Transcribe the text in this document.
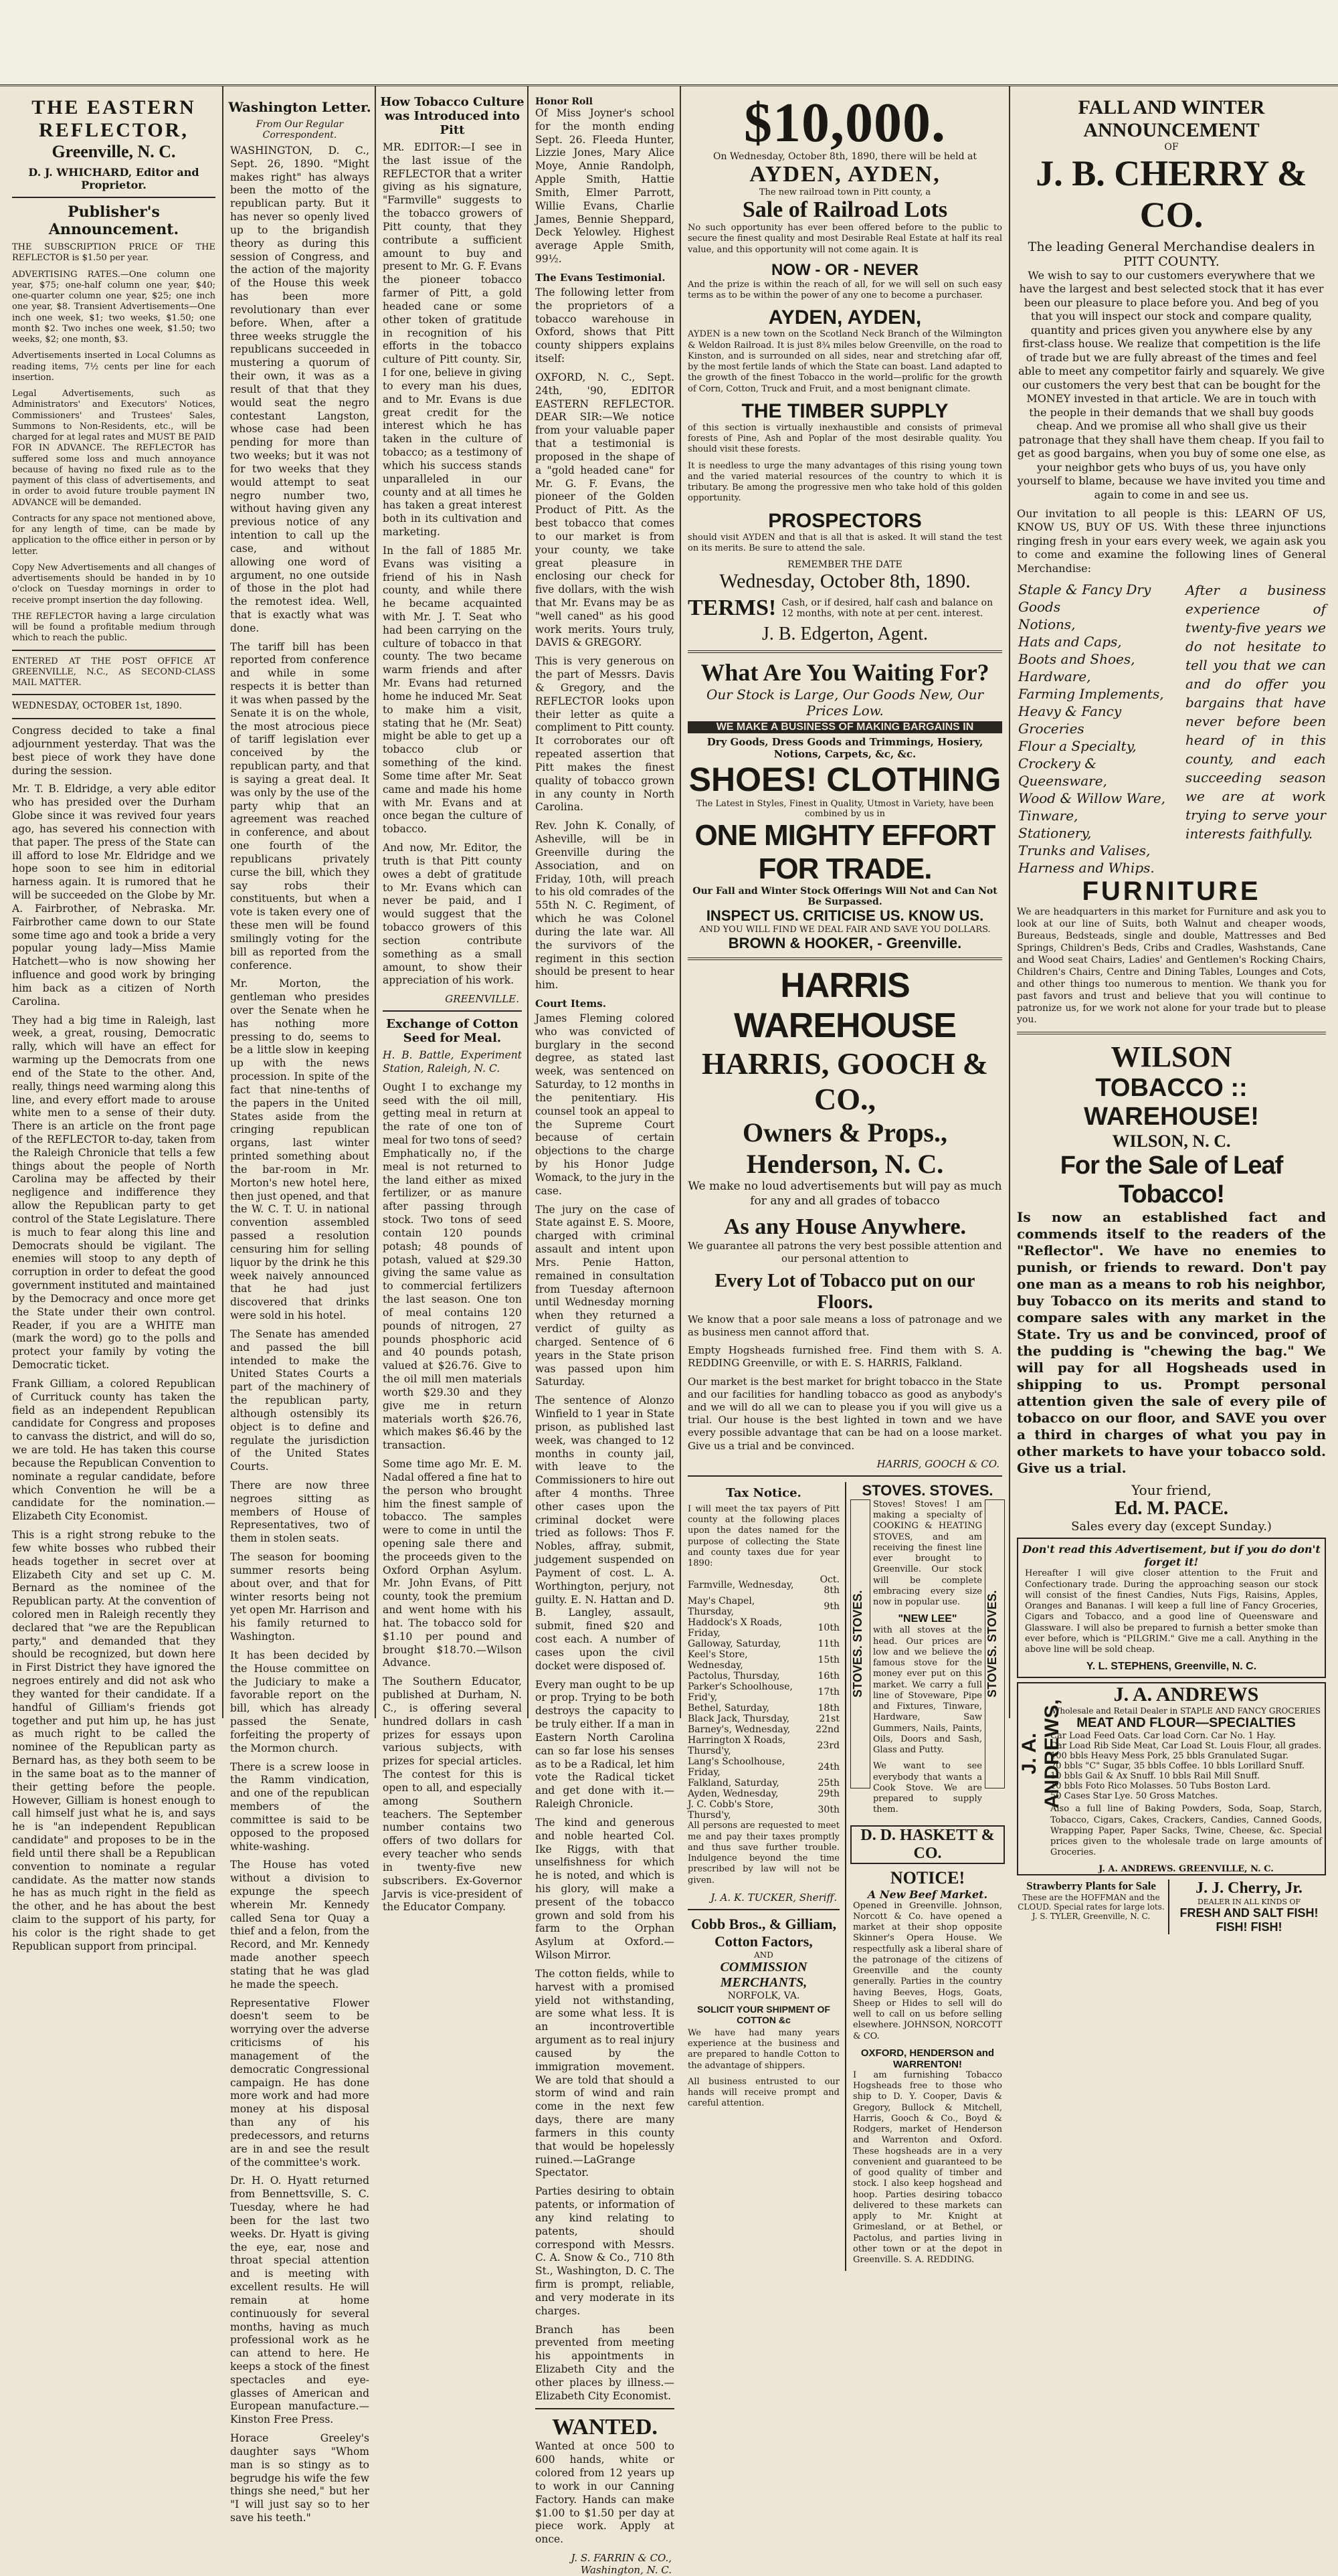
THE EASTERN REFLECTOR,
Greenville, N. C.
D. J. WHICHARD, Editor and Proprietor.
Publisher's Announcement.

THE SUBSCRIPTION PRICE OF THE REFLECTOR is $1.50 per year.

ADVERTISING RATES.—One column one year, $75; one-half column one year, $40; one-quarter column one year, $25; one inch one year, $8. Transient Advertisements—One inch one week, $1; two weeks, $1.50; one month $2. Two inches one week, $1.50; two weeks, $2; one month, $3.

Advertisements inserted in Local Columns as reading items, 7½ cents per line for each insertion.

Legal Advertisements, such as Administrators' and Executors' Notices, Commissioners' and Trustees' Sales, Summons to Non-Residents, etc., will be charged for at legal rates and MUST BE PAID FOR IN ADVANCE. The REFLECTOR has suffered some loss and much annoyance because of having no fixed rule as to the payment of this class of advertisements, and in order to avoid future trouble payment IN ADVANCE will be demanded.

Contracts for any space not mentioned above, for any length of time, can be made by application to the office either in person or by letter.

Copy New Advertisements and all changes of advertisements should be handed in by 10 o'clock on Tuesday mornings in order to receive prompt insertion the day following.

THE REFLECTOR having a large circulation will be found a profitable medium through which to reach the public.

ENTERED AT THE POST OFFICE AT GREENVILLE, N.C., AS SECOND-CLASS MAIL MATTER.

WEDNESDAY, OCTOBER 1st, 1890.

Congress decided to take a final adjournment yesterday. That was the best piece of work they have done during the session.

Mr. T. B. Eldridge, a very able editor who has presided over the Durham Globe since it was revived four years ago, has severed his connection with that paper. The press of the State can ill afford to lose Mr. Eldridge and we hope soon to see him in editorial harness again. It is rumored that he will be succeeded on the Globe by Mr. A. Fairbrother, of Nebraska. Mr. Fairbrother came down to our State some time ago and took a bride a very popular young lady—Miss Mamie Hatchett—who is now showing her influence and good work by bringing him back as a citizen of North Carolina.

They had a big time in Raleigh, last week, a great, rousing, Democratic rally, which will have an effect for warming up the Democrats from one end of the State to the other. And, really, things need warming along this line, and every effort made to arouse white men to a sense of their duty. There is an article on the front page of the REFLECTOR to-day, taken from the Raleigh Chronicle that tells a few things about the people of North Carolina may be affected by their negligence and indifference they allow the Republican party to get control of the State Legislature. There is much to fear along this line and Democrats should be vigilant. The enemies will stoop to any depth of corruption in order to defeat the good government instituted and maintained by the Democracy and once more get the State under their own control. Reader, if you are a WHITE man (mark the word) go to the polls and protect your family by voting the Democratic ticket.

Frank Gilliam, a colored Republican of Currituck county has taken the field as an independent Republican candidate for Congress and proposes to canvass the district, and will do so, we are told. He has taken this course because the Republican Convention to nominate a regular candidate, before which Convention he will be a candidate for the nomination.—Elizabeth City Economist.

This is a right strong rebuke to the few white bosses who rubbed their heads together in secret over at Elizabeth City and set up C. M. Bernard as the nominee of the Republican party. At the convention of colored men in Raleigh recently they declared that "we are the Republican party," and demanded that they should be recognized, but down here in First District they have ignored the negroes entirely and did not ask who they wanted for their candidate. If a handful of Gilliam's friends got together and put him up, he has just as much right to be called the nominee of the Republican party as Bernard has, as they both seem to be in the same boat as to the manner of their getting before the people. However, Gilliam is honest enough to call himself just what he is, and says he is "an independent Republican candidate" and proposes to be in the field until there shall be a Republican convention to nominate a regular candidate. As the matter now stands he has as much right in the field as the other, and he has about the best claim to the support of his party, for his color is the right shade to get Republican support from principal.

Washington Letter.
From Our Regular Correspondent.

WASHINGTON, D. C., Sept. 26, 1890. "Might makes right" has always been the motto of the republican party. But it has never so openly lived up to the brigandish theory as during this session of Congress, and the action of the majority of the House this week has been more revolutionary than ever before. When, after a three weeks struggle the republicans succeeded in mustering a quorum of their own, it was as a result of that that they would seat the negro contestant Langston, whose case had been pending for more than two weeks; but it was not for two weeks that they would attempt to seat negro number two, without having given any previous notice of any intention to call up the case, and without allowing one word of argument, no one outside of those in the plot had the remotest idea. Well, that is exactly what was done.

The tariff bill has been reported from conference and while in some respects it is better than it was when passed by the Senate it is on the whole, the most atrocious piece of tariff legislation ever conceived by the republican party, and that is saying a great deal. It was only by the use of the party whip that an agreement was reached in conference, and about one fourth of the republicans privately curse the bill, which they say robs their constituents, but when a vote is taken every one of these men will be found smilingly voting for the bill as reported from the conference.

Mr. Morton, the gentleman who presides over the Senate when he has nothing more pressing to do, seems to be a little slow in keeping up with the news procession. In spite of the fact that nine-tenths of the papers in the United States aside from the cringing republican organs, last winter printed something about the bar-room in Mr. Morton's new hotel here, then just opened, and that the W. C. T. U. in national convention assembled passed a resolution censuring him for selling liquor by the drink he this week naively announced that he had just discovered that drinks were sold in his hotel.

The Senate has amended and passed the bill intended to make the United States Courts a part of the machinery of the republican party, although ostensibly its object is to define and regulate the jurisdiction of the United States Courts.

There are now three negroes sitting as members of House of Representatives, two of them in stolen seats.

The season for booming summer resorts being about over, and that for winter resorts being not yet open Mr. Harrison and his family returned to Washington.

It has been decided by the House committee on the Judiciary to make a favorable report on the bill, which has already passed the Senate, forfeiting the property of the Mormon church.

There is a screw loose in the Ramm vindication, and one of the republican members of the committee is said to be opposed to the proposed white-washing.

The House has voted without a division to expunge the speech wherein Mr. Kennedy called Sena tor Quay a thief and a felon, from the Record, and Mr. Kennedy made another speech stating that he was glad he made the speech.

Representative Flower doesn't seem to be worrying over the adverse criticisms of his management of the democratic Congressional campaign. He has done more work and had more money at his disposal than any of his predecessors, and returns are in and see the result of the committee's work.

Dr. H. O. Hyatt returned from Bennettsville, S. C. Tuesday, where he had been for the last two weeks. Dr. Hyatt is giving the eye, ear, nose and throat special attention and is meeting with excellent results. He will remain at home continuously for several months, having as much professional work as he can attend to here. He keeps a stock of the finest spectacles and eye-glasses of American and European manufacture.—Kinston Free Press.

Horace Greeley's daughter says "Whom man is so stingy as to begrudge his wife the few things she need," but her "I will just say so to her save his teeth."

How Tobacco Culture was Introduced into Pitt

MR. EDITOR:—I see in the last issue of the REFLECTOR that a writer giving as his signature, "Farmville" suggests to the tobacco growers of Pitt county, that they contribute a sufficient amount to buy and present to Mr. G. F. Evans the pioneer tobacco farmer of Pitt, a gold headed cane or some other token of gratitude in recognition of his efforts in the tobacco culture of Pitt county. Sir, I for one, believe in giving to every man his dues, and to Mr. Evans is due great credit for the interest which he has taken in the culture of tobacco; as a testimony of which his success stands unparalleled in our county and at all times he has taken a great interest both in its cultivation and marketing.

In the fall of 1885 Mr. Evans was visiting a friend of his in Nash county, and while there he became acquainted with Mr. J. T. Seat who had been carrying on the culture of tobacco in that county. The two became warm friends and after Mr. Evans had returned home he induced Mr. Seat to make him a visit, stating that he (Mr. Seat) might be able to get up a tobacco club or something of the kind. Some time after Mr. Seat came and made his home with Mr. Evans and at once began the culture of tobacco.

And now, Mr. Editor, the truth is that Pitt county owes a debt of gratitude to Mr. Evans which can never be paid, and I would suggest that the tobacco growers of this section contribute something as a small amount, to show their appreciation of his work.

GREENVILLE.
Exchange of Cotton Seed for Meal.

H. B. Battle, Experiment Station, Raleigh, N. C.

Ought I to exchange my seed with the oil mill, getting meal in return at the rate of one ton of meal for two tons of seed? Emphatically no, if the meal is not returned to the land either as mixed fertilizer, or as manure after passing through stock. Two tons of seed contain 120 pounds potash; 48 pounds of potash, valued at $29.30 giving the same value as to commercial fertilizers the last season. One ton of meal contains 120 pounds of nitrogen, 27 pounds phosphoric acid and 40 pounds potash, valued at $26.76. Give to the oil mill men materials worth $29.30 and they give me in return materials worth $26.76, which makes $6.46 by the transaction.

Some time ago Mr. E. M. Nadal offered a fine hat to the person who brought him the finest sample of tobacco. The samples were to come in until the opening sale there and the proceeds given to the Oxford Orphan Asylum. Mr. John Evans, of Pitt county, took the premium and went home with his hat. The tobacco sold for $1.10 per pound and brought $18.70.—Wilson Advance.

The Southern Educator, published at Durham, N. C., is offering several hundred dollars in cash prizes for essays upon various subjects, with prizes for special articles. The contest for this is open to all, and especially among Southern teachers. The September number contains two offers of two dollars for every teacher who sends in twenty-five new subscribers. Ex-Governor Jarvis is vice-president of the Educator Company.

Honor Roll

Of Miss Joyner's school for the month ending Sept. 26. Fleeda Hunter, Lizzie Jones, Mary Alice Moye, Annie Randolph, Apple Smith, Hattie Smith, Elmer Parrott, Willie Evans, Charlie James, Bennie Sheppard, Deck Yelowley. Highest average Apple Smith, 99½.

The Evans Testimonial.

The following letter from the proprietors of a tobacco warehouse in Oxford, shows that Pitt county shippers explains itself:

OXFORD, N. C., Sept. 24th, '90, EDITOR EASTERN REFLECTOR. DEAR SIR:—We notice from your valuable paper that a testimonial is proposed in the shape of a "gold headed cane" for Mr. G. F. Evans, the pioneer of the Golden Product of Pitt. As the best tobacco that comes to our market is from your county, we take great pleasure in enclosing our check for five dollars, with the wish that Mr. Evans may be as "well caned" as his good work merits. Yours truly, DAVIS & GREGORY.

This is very generous on the part of Messrs. Davis & Gregory, and the REFLECTOR looks upon their letter as quite a compliment to Pitt county. It corroborates our oft repeated assertion that Pitt makes the finest quality of tobacco grown in any county in North Carolina.

Rev. John K. Conally, of Asheville, will be in Greenville during the Association, and on Friday, 10th, will preach to his old comrades of the 55th N. C. Regiment, of which he was Colonel during the late war. All the survivors of the regiment in this section should be present to hear him.

Court Items.

James Fleming colored who was convicted of burglary in the second degree, as stated last week, was sentenced on Saturday, to 12 months in the penitentiary. His counsel took an appeal to the Supreme Court because of certain objections to the charge by his Honor Judge Womack, to the jury in the case.

The jury on the case of State against E. S. Moore, charged with criminal assault and intent upon Mrs. Penie Hatton, remained in consultation from Tuesday afternoon until Wednesday morning when they returned a verdict of guilty as charged. Sentence of 6 years in the State prison was passed upon him Saturday.

The sentence of Alonzo Winfield to 1 year in State prison, as published last week, was changed to 12 months in county jail, with leave to the Commissioners to hire out after 4 months. Three other cases upon the criminal docket were tried as follows: Thos F. Nobles, affray, submit, judgement suspended on Payment of cost. L. A. Worthington, perjury, not guilty. E. N. Hattan and D. B. Langley, assault, submit, fined $20 and cost each. A number of cases upon the civil docket were disposed of.

Every man ought to be up or prop. Trying to be both destroys the capacity to be truly either. If a man in Eastern North Carolina can so far lose his senses as to be a Radical, let him vote the Radical ticket and get done with it.—Raleigh Chronicle.

The kind and generous and noble hearted Col. Ike Riggs, with that unselfishness for which he is noted, and which is his glory, will make a present of the tobacco grown and sold from his farm to the Orphan Asylum at Oxford.—Wilson Mirror.

The cotton fields, while to harvest with a promised yield not withstanding, are some what less. It is an incontrovertible argument as to real injury caused by the immigration movement. We are told that should a storm of wind and rain come in the next few days, there are many farmers in this county that would be hopelessly ruined.—LaGrange Spectator.

Parties desiring to obtain patents, or information of any kind relating to patents, should correspond with Messrs. C. A. Snow & Co., 710 8th St., Washington, D. C. The firm is prompt, reliable, and very moderate in its charges.

Branch has been prevented from meeting his appointments in Elizabeth City and the other places by illness.—Elizabeth City Economist.

WANTED.

Wanted at once 500 to 600 hands, white or colored from 12 years up to work in our Canning Factory. Hands can make $1.00 to $1.50 per day at piece work. Apply at once.

J. S. FARRIN & CO., Washington, N. C.
$10,000.
On Wednesday, October 8th, 1890, there will be held at
AYDEN, AYDEN,
The new railroad town in Pitt county, a
Sale of Railroad Lots

No such opportunity has ever been offered before to the public to secure the finest quality and most Desirable Real Estate at half its real value, and this opportunity will not come again. It is

NOW - OR - NEVER

And the prize is within the reach of all, for we will sell on such easy terms as to be within the power of any one to become a purchaser.

AYDEN, AYDEN,

AYDEN is a new town on the Scotland Neck Branch of the Wilmington & Weldon Railroad. It is just 8¾ miles below Greenville, on the road to Kinston, and is surrounded on all sides, near and stretching afar off, by the most fertile lands of which the State can boast. Land adapted to the growth of the finest Tobacco in the world—prolific for the growth of Corn, Cotton, Truck and Fruit, and a most benignant climate.

THE TIMBER SUPPLY

of this section is virtually inexhaustible and consists of primeval forests of Pine, Ash and Poplar of the most desirable quality. You should visit these forests.

It is needless to urge the many advantages of this rising young town and the varied material resources of the country to which it is tributary. Be among the progressive men who take hold of this golden opportunity.

PROSPECTORS

should visit AYDEN and that is all that is asked. It will stand the test on its merits. Be sure to attend the sale.

REMEMBER THE DATE
Wednesday, October 8th, 1890.
TERMS! Cash, or if desired, half cash and balance on 12 months, with note at per cent. interest.
J. B. Edgerton, Agent.
What Are You Waiting For?
Our Stock is Large, Our Goods New, Our Prices Low.
WE MAKE A BUSINESS OF MAKING BARGAINS IN
Dry Goods, Dress Goods and Trimmings, Hosiery, Notions, Carpets, &c, &c.
SHOES! CLOTHING
The Latest in Styles, Finest in Quality, Utmost in Variety, have been combined by us in
ONE MIGHTY EFFORT FOR TRADE.
Our Fall and Winter Stock Offerings Will Not and Can Not Be Surpassed.
INSPECT US. CRITICISE US. KNOW US.
AND YOU WILL FIND WE DEAL FAIR AND SAVE YOU DOLLARS.
BROWN & HOOKER, - Greenville.
HARRIS WAREHOUSE
HARRIS, GOOCH & CO.,
Owners & Props., Henderson, N. C.

We make no loud advertisements but will pay as much for any and all grades of tobacco

As any House Anywhere.

We guarantee all patrons the very best possible attention and our personal attention to

Every Lot of Tobacco put on our Floors.

We know that a poor sale means a loss of patronage and we as business men cannot afford that.

Empty Hogsheads furnished free. Find them with S. A. REDDING Greenville, or with E. S. HARRIS, Falkland.

Our market is the best market for bright tobacco in the State and our facilities for handling tobacco as good as anybody's and we will do all we can to please you if you will give us a trial. Our house is the best lighted in town and we have every possible advantage that can be had on a loose market. Give us a trial and be convinced.

HARRIS, GOOCH & CO.
Tax Notice.

I will meet the tax payers of Pitt county at the following places upon the dates named for the purpose of collecting the State and county taxes due for year 1890:

Farmville, Wednesday,	Oct. 8th
May's Chapel, Thursday,	9th
Haddock's X Roads, Friday,	10th
Galloway, Saturday,	11th
Keel's Store, Wednesday,	15th
Pactolus, Thursday,	16th
Parker's Schoolhouse, Frid'y,	17th
Bethel, Saturday,	18th
Black Jack, Thursday,	21st
Barney's, Wednesday,	22nd
Harrington X Roads, Thursd'y,	23rd
Lang's Schoolhouse, Friday,	24th
Falkland, Saturday,	25th
Ayden, Wednesday,	29th
J. C. Cobb's Store, Thursd'y,	30th

All persons are requested to meet me and pay their taxes promptly and thus save further trouble. Indulgence beyond the time prescribed by law will not be given.

J. A. K. TUCKER, Sheriff.
Cobb Bros., & Gilliam,
Cotton Factors,
AND
COMMISSION MERCHANTS,
NORFOLK, VA.
SOLICIT YOUR SHIPMENT OF COTTON &c

We have had many years experience at the business and are prepared to handle Cotton to the advantage of shippers.

All business entrusted to our hands will receive prompt and careful attention.

STOVES. STOVES.
STOVES. STOVES.

Stoves! Stoves! I am making a specialty of COOKING & HEATING STOVES, and am receiving the finest line ever brought to Greenville. Our stock will be complete embracing every size now in popular use.

"NEW LEE"

with all stoves at the head. Our prices are low and we believe the famous stove for the money ever put on this market. We carry a full line of Stoveware, Pipe and Fixtures, Tinware, Hardware, Saw Gummers, Nails, Paints, Oils, Doors and Sash, Glass and Putty.

We want to see everybody that wants a Cook Stove. We are prepared to supply them.

STOVES. STOVES.
D. D. HASKETT & CO.
NOTICE!
A New Beef Market.

Opened in Greenville. Johnson, Norcott & Co. have opened a market at their shop opposite Skinner's Opera House. We respectfully ask a liberal share of the patronage of the citizens of Greenville and the county generally. Parties in the country having Beeves, Hogs, Goats, Sheep or Hides to sell will do well to call on us before selling elsewhere. JOHNSON, NORCOTT & CO.

OXFORD, HENDERSON and WARRENTON!

I am furnishing Tobacco Hogsheads free to those who ship to D. Y. Cooper, Davis & Gregory, Bullock & Mitchell, Harris, Gooch & Co., Boyd & Rodgers, market of Henderson and Warrenton and Oxford. These hogsheads are in a very convenient and guaranteed to be of good quality of timber and stock. I also keep hogshead and hoop. Parties desiring tobacco delivered to these markets can apply to Mr. Knight at Grimesland, or at Bethel, or Pactolus, and parties living in other town or at the depot in Greenville. S. A. REDDING.

FALL AND WINTER ANNOUNCEMENT
OF
J. B. CHERRY & CO.
The leading General Merchandise dealers in
PITT COUNTY.

We wish to say to our customers everywhere that we have the largest and best selected stock that it has ever been our pleasure to place before you. And beg of you that you will inspect our stock and compare quality, quantity and prices given you anywhere else by any first-class house. We realize that competition is the life of trade but we are fully abreast of the times and feel able to meet any competitor fairly and squarely. We give our customers the very best that can be bought for the MONEY invested in that article. We are in touch with the people in their demands that we shall buy goods cheap. And we promise all who shall give us their patronage that they shall have them cheap. If you fail to get as good bargains, when you buy of some one else, as your neighbor gets who buys of us, you have only yourself to blame, because we have invited you time and again to come in and see us.

Our invitation to all people is this: LEARN OF US, KNOW US, BUY OF US. With these three injunctions ringing fresh in your ears every week, we again ask you to come and examine the following lines of General Merchandise:

Staple & Fancy Dry Goods
Notions,
Hats and Caps,
Boots and Shoes,
Hardware,
Farming Implements,
Heavy & Fancy Groceries
Flour a Specialty,
Crockery & Queensware,
Wood & Willow Ware,
Tinware,
Stationery,
Trunks and Valises,
Harness and Whips.

After a business experience of twenty-five years we do not hesitate to tell you that we can and do offer you bargains that have never before been heard of in this county, and each succeeding season we are at work trying to serve your interests faithfully.

FURNITURE

We are headquarters in this market for Furniture and ask you to look at our line of Suits, both Walnut and cheaper woods, Bureaus, Bedsteads, single and double, Mattresses and Bed Springs, Children's Beds, Cribs and Cradles, Washstands, Cane and Wood seat Chairs, Ladies' and Gentlemen's Rocking Chairs, Children's Chairs, Centre and Dining Tables, Lounges and Cots, and other things too numerous to mention. We thank you for past favors and trust and believe that you will continue to patronize us, for we work not alone for your trade but to please you.

WILSON
TOBACCO :: WAREHOUSE!
WILSON, N. C.
For the Sale of Leaf Tobacco!

Is now an established fact and commends itself to the readers of the "Reflector". We have no enemies to punish, or friends to reward. Don't pay one man as a means to rob his neighbor, buy Tobacco on its merits and stand to compare sales with any market in the State. Try us and be convinced, proof of the pudding is "chewing the bag." We will pay for all Hogsheads used in shipping to us. Prompt personal attention given the sale of every pile of tobacco on our floor, and SAVE you over a third in charges of what you pay in other markets to have your tobacco sold. Give us a trial.

Your friend,
Ed. M. PACE.
Sales every day (except Sunday.)
Don't read this Advertisement, but if you do don't forget it!

Hereafter I will give closer attention to the Fruit and Confectionary trade. During the approaching season our stock will consist of the finest Candies, Nuts Figs, Raisins, Apples, Oranges and Bananas. I will keep a full line of Fancy Groceries, Cigars and Tobacco, and a good line of Queensware and Glassware. I will also be prepared to furnish a better smoke than ever before, which is "PILGRIM." Give me a call. Anything in the above line will be sold cheap.

Y. L. STEPHENS, Greenville, N. C.
J. A. ANDREWS,
J. A. ANDREWS
Wholesale and Retail Dealer in STAPLE AND FANCY GROCERIES
MEAT AND FLOUR—SPECIALTIES
Car Load Feed Oats. Car load Corn. Car No. 1 Hay.
Car Load Rib Side Meat, Car Load St. Louis Flour, all grades.
100 bbls Heavy Mess Pork, 25 bbls Granulated Sugar.
20 bbls "C" Sugar, 35 bbls Coffee. 10 bbls Lorillard Snuff.
10 bbls Gail & Ax Snuff. 10 bbls Rail Mill Snuff.
10 bbls Foto Rico Molasses. 50 Tubs Boston Lard.
50 Cases Star Lye. 50 Gross Matches.

Also a full line of Baking Powders, Soda, Soap, Starch, Tobacco, Cigars, Cakes, Crackers, Candies, Canned Goods, Wrapping Paper, Paper Sacks, Twine, Cheese, &c. Special prices given to the wholesale trade on large amounts of Groceries.

J. A. ANDREWS. GREENVILLE, N. C.
Strawberry Plants for Sale
These are the HOFFMAN and the CLOUD. Special rates for large lots.
J. S. TYLER, Greenville, N. C.
J. J. Cherry, Jr.
DEALER IN ALL KINDS OF
FRESH AND SALT FISH! FISH! FISH!
